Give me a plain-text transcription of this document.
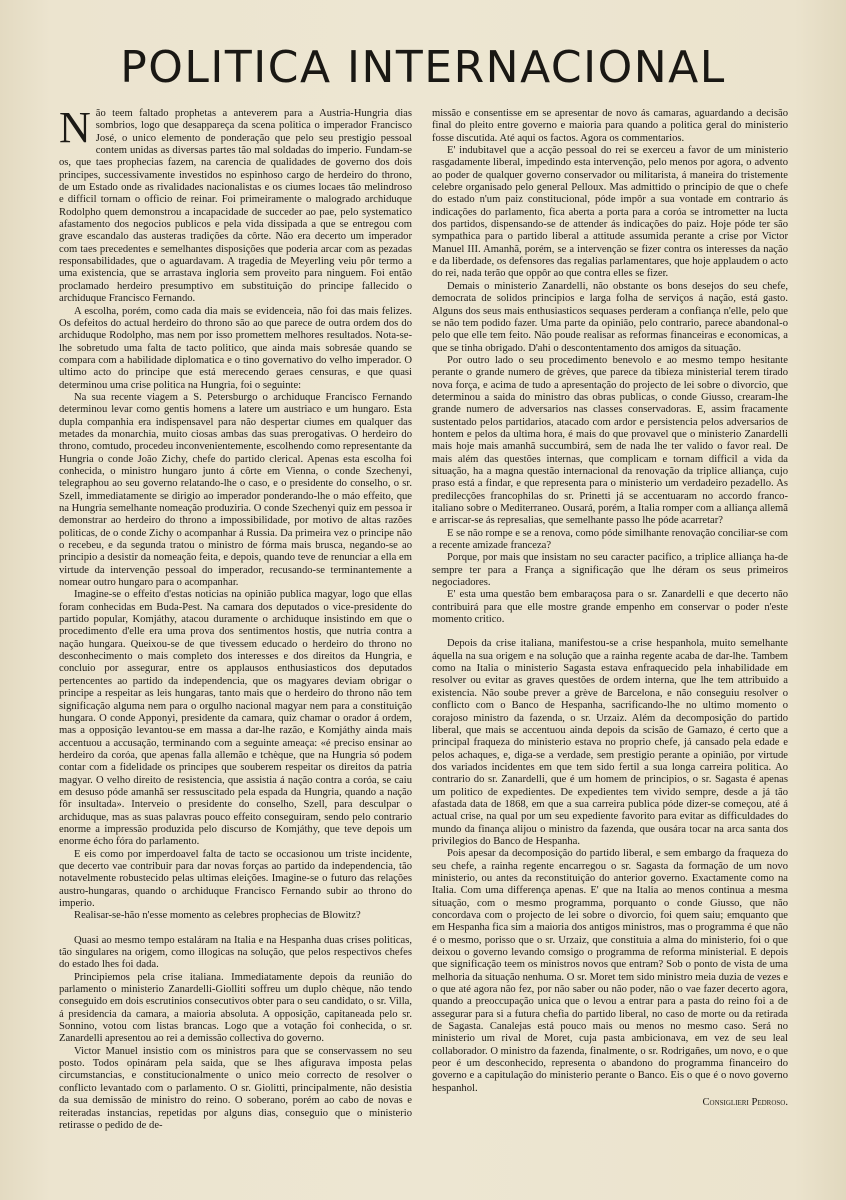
POLITICA INTERNACIONAL

Não teem faltado prophetas a anteverem para a Austria-Hungria dias sombrios, logo que desappareça da scena politica o imperador Francisco José, o unico elemento de ponderação que pelo seu prestigio pessoal contem unidas as diversas partes tão mal soldadas do imperio. Fundam-se os, que taes prophecias fazem, na carencia de qualidades de governo dos dois principes, successivamente investidos no espinhoso cargo de herdeiro do throno, de um Estado onde as rivalidades nacionalistas e os ciumes locaes tão melindroso e difficil tornam o officio de reinar. Foi primeiramente o malogrado archiduque Rodolpho quem demonstrou a incapacidade de succeder ao pae, pelo systematico afastamento dos negocios publicos e pela vida dissipada a que se entregou com grave escandalo das austeras tradições da côrte. Não era decerto um imperador com taes precedentes e semelhantes disposições que poderia arcar com as pezadas responsabilidades, que o aguardavam. A tragedia de Meyerling veiu pôr termo a uma existencia, que se arrastava ingloria sem proveito para ninguem. Foi então proclamado herdeiro presumptivo em substituição do principe fallecido o archiduque Francisco Fernando.

A escolha, porém, como cada dia mais se evidenceia, não foi das mais felizes. Os defeitos do actual herdeiro do throno são ao que parece de outra ordem dos do archiduque Rodolpho, mas nem por isso promettem melhores resultados. Nota-se-lhe sobretudo uma falta de tacto politico, que ainda mais sobresáe quando se compara com a habilidade diplomatica e o tino governativo do velho imperador. O ultimo acto do principe que está merecendo geraes censuras, e que quasi determinou uma crise politica na Hungria, foi o seguinte:

Na sua recente viagem a S. Petersburgo o archiduque Francisco Fernando determinou levar como gentis homens a latere um austriaco e um hungaro. Esta dupla companhia era indispensavel para não despertar ciumes em qualquer das metades da monarchia, muito ciosas ambas das suas prerogativas. O herdeiro do throno, comtudo, procedeu inconvenientemente, escolhendo como representante da Hungria o conde João Zichy, chefe do partido clerical. Apenas esta escolha foi conhecida, o ministro hungaro junto á côrte em Vienna, o conde Szechenyi, telegraphou ao seu governo relatando-lhe o caso, e o presidente do conselho, o sr. Szell, immediatamente se dirigio ao imperador ponderando-lhe o máo effeito, que na Hungria semelhante nomeação produziria. O conde Szechenyi quiz em pessoa ir demonstrar ao herdeiro do throno a impossibilidade, por motivo de altas razões politicas, de o conde Zichy o acompanhar á Russia. Da primeira vez o principe não o recebeu, e da segunda tratou o ministro de fórma mais brusca, negando-se ao principio a desistir da nomeação feita, e depois, quando teve de renunciar a ella em virtude da intervenção pessoal do imperador, recusando-se terminantemente a nomear outro hungaro para o acompanhar.

Imagine-se o effeito d'estas noticias na opinião publica magyar, logo que ellas foram conhecidas em Buda-Pest. Na camara dos deputados o vice-presidente do partido popular, Komjáthy, atacou duramente o archiduque insistindo em que o procedimento d'elle era uma prova dos sentimentos hostis, que nutria contra a nação hungara. Queixou-se de que tivessem educado o herdeiro do throno no desconhecimento o mais completo dos interesses e dos direitos da Hungria, e concluio por assegurar, entre os applausos enthusiasticos dos deputados pertencentes ao partido da independencia, que os magyares deviam obrigar o principe a respeitar as leis hungaras, tanto mais que o herdeiro do throno não tem significação alguma nem para o orgulho nacional magyar nem para a constituição hungara. O conde Apponyi, presidente da camara, quiz chamar o orador á ordem, mas a opposição levantou-se em massa a dar-lhe razão, e Komjáthy ainda mais accentuou a accusação, terminando com a seguinte ameaça: «é preciso ensinar ao herdeiro da coróa, que apenas falla allemão e tchèque, que na Hungria só podem contar com a fidelidade os principes que souberem respeitar os direitos da patria magyar. O velho direito de resistencia, que assistia á nação contra a coróa, se caiu em desuso póde amanhã ser ressuscitado pela espada da Hungria, quando a nação fôr insultada». Interveio o presidente do conselho, Szell, para desculpar o archiduque, mas as suas palavras pouco effeito conseguiram, sendo pelo contrario enorme a impressão produzida pelo discurso de Komjáthy, que teve depois um enorme écho fóra do parlamento.

E eis como por imperdoavel falta de tacto se occasionou um triste incidente, que decerto vae contribuir para dar novas forças ao partido da independencia, tão notavelmente robustecido pelas ultimas eleições. Imagine-se o futuro das relações austro-hungaras, quando o archiduque Francisco Fernando subir ao throno do imperio.

Realisar-se-hão n'esse momento as celebres prophecias de Blowitz?

Quasi ao mesmo tempo estaláram na Italia e na Hespanha duas crises politicas, tão singulares na origem, como illogicas na solução, que pelos respectivos chefes do estado lhes foi dada.

Principiemos pela crise italiana. Immediatamente depois da reunião do parlamento o ministerio Zanardelli-Giolliti soffreu um duplo chèque, não tendo conseguido em dois escrutinios consecutivos obter para o seu candidato, o sr. Villa, á presidencia da camara, a maioria absoluta. A opposição, capitaneada pelo sr. Sonnino, votou com listas brancas. Logo que a votação foi conhecida, o sr. Zanardelli apresentou ao rei a demissão collectiva do governo.

Victor Manuel insistio com os ministros para que se conservassem no seu posto. Todos opináram pela saida, que se lhes afigurava imposta pelas circumstancias, e constitucionalmente o unico meio correcto de resolver o conflicto levantado com o parlamento. O sr. Giolitti, principalmente, não desistia da sua demissão de ministro do reino. O soberano, porém ao cabo de novas e reiteradas instancias, repetidas por alguns dias, conseguio que o ministerio retirasse o pedido de de-

missão e consentisse em se apresentar de novo ás camaras, aguardando a decisão final do pleito entre governo e maioria para quando a politica geral do ministerio fosse discutida. Até aqui os factos. Agora os commentarios.

E' indubitavel que a acção pessoal do rei se exerceu a favor de um ministerio rasgadamente liberal, impedindo esta intervenção, pelo menos por agora, o advento ao poder de qualquer governo conservador ou militarista, á maneira do tristemente celebre organisado pelo general Pelloux. Mas admittido o principio de que o chefe do estado n'um paiz constitucional, póde impôr a sua vontade em contrario ás indicações do parlamento, fica aberta a porta para a coróa se intrometter na lucta dos partidos, dispensando-se de attender ás indicações do paiz. Hoje póde ter são sympathica para o partido liberal a attitude assumida perante a crise por Victor Manuel III. Amanhã, porém, se a intervenção se fizer contra os interesses da nação e da liberdade, os defensores das regalias parlamentares, que hoje applaudem o acto do rei, nada terão que oppôr ao que contra elles se fizer.

Demais o ministerio Zanardelli, não obstante os bons desejos do seu chefe, democrata de solidos principios e larga folha de serviços á nação, está gasto. Alguns dos seus mais enthusiasticos sequases perderam a confiança n'elle, pelo que se não tem podido fazer. Uma parte da opinião, pelo contrario, parece abandonal-o pelo que elle tem feito. Não poude realisar as reformas financeiras e economicas, a que se tinha obrigado. D'ahi o descontentamento dos amigos da situação.

Por outro lado o seu procedimento benevolo e ao mesmo tempo hesitante perante o grande numero de grèves, que parece da tibieza ministerial terem tirado nova força, e acima de tudo a apresentação do projecto de lei sobre o divorcio, que determinou a saida do ministro das obras publicas, o conde Giusso, crearam-lhe grande numero de adversarios nas classes conservadoras. E, assim fracamente sustentado pelos partidarios, atacado com ardor e persistencia pelos adversarios de hontem e pelos da ultima hora, é mais do que provavel que o ministerio Zanardelli mais hoje mais amanhã succumbirá, sem de nada lhe ter valido o favor real. De mais além das questões internas, que complicam e tornam difficil a vida da situação, ha a magna questão internacional da renovação da triplice alliança, cujo praso está a findar, e que representa para o ministerio um verdadeiro pezadello. As predilecções francophilas do sr. Prinetti já se accentuaram no accordo franco-italiano sobre o Mediterraneo. Ousará, porém, a Italia romper com a alliança allemã e arriscar-se ás represalias, que semelhante passo lhe póde acarretar?

E se não rompe e se a renova, como póde similhante renovação conciliar-se com a recente amizade franceza?

Porque, por mais que insistam no seu caracter pacifico, a triplice alliança ha-de sempre ter para a França a significação que lhe déram os seus primeiros negociadores.

E' esta uma questão bem embaraçosa para o sr. Zanardelli e que decerto não contribuirá para que elle mostre grande empenho em conservar o poder n'este momento critico.

Depois da crise italiana, manifestou-se a crise hespanhola, muito semelhante áquella na sua origem e na solução que a rainha regente acaba de dar-lhe. Tambem como na Italia o ministerio Sagasta estava enfraquecido pela inhabilidade em resolver ou evitar as graves questões de ordem interna, que lhe tem attribuido a existencia. Não soube prever a grève de Barcelona, e não conseguiu resolver o conflicto com o Banco de Hespanha, sacrificando-lhe no ultimo momento o corajoso ministro da fazenda, o sr. Urzaiz. Além da decomposição do partido liberal, que mais se accentuou ainda depois da scisão de Gamazo, é certo que a principal fraqueza do ministerio estava no proprio chefe, já cansado pela edade e pelos achaques, e, diga-se a verdade, sem prestigio perante a opinião, por virtude dos variados incidentes em que tem sido fertil a sua longa carreira politica. Ao contrario do sr. Zanardelli, que é um homem de principios, o sr. Sagasta é apenas um politico de expedientes. De expedientes tem vivido sempre, desde a já tão afastada data de 1868, em que a sua carreira publica póde dizer-se começou, até á actual crise, na qual por um seu expediente favorito para evitar as difficuldades do mundo da finança alijou o ministro da fazenda, que ousára tocar na arca santa dos privilegios do Banco de Hespanha.

Pois apesar da decomposição do partido liberal, e sem embargo da fraqueza do seu chefe, a rainha regente encarregou o sr. Sagasta da formação de um novo ministerio, ou antes da reconstituição do anterior governo. Exactamente como na Italia. Com uma differença apenas. E' que na Italia ao menos continua a mesma situação, com o mesmo programma, porquanto o conde Giusso, que não concordava com o projecto de lei sobre o divorcio, foi quem saiu; emquanto que em Hespanha fica sim a maioria dos antigos ministros, mas o programma é que não é o mesmo, porisso que o sr. Urzaiz, que constituia a alma do ministerio, foi o que deixou o governo levando comsigo o programma de reforma ministerial. E depois que significação teem os ministros novos que entram? Sob o ponto de vista de uma melhoria da situação nenhuma. O sr. Moret tem sido ministro meia duzia de vezes e o que até agora não fez, por não saber ou não poder, não o vae fazer decerto agora, quando a preoccupação unica que o levou a entrar para a pasta do reino foi a de assegurar para si a futura chefia do partido liberal, no caso de morte ou da retirada de Sagasta. Canalejas está pouco mais ou menos no mesmo caso. Será no ministerio um rival de Moret, cuja pasta ambicionava, em vez de seu leal collaborador. O ministro da fazenda, finalmente, o sr. Rodrigañes, um novo, e o que peor é um desconhecido, representa o abandono do programma financeiro do governo e a capitulação do ministerio perante o Banco. Eis o que é o novo governo hespanhol.

Consiglieri Pedroso.
